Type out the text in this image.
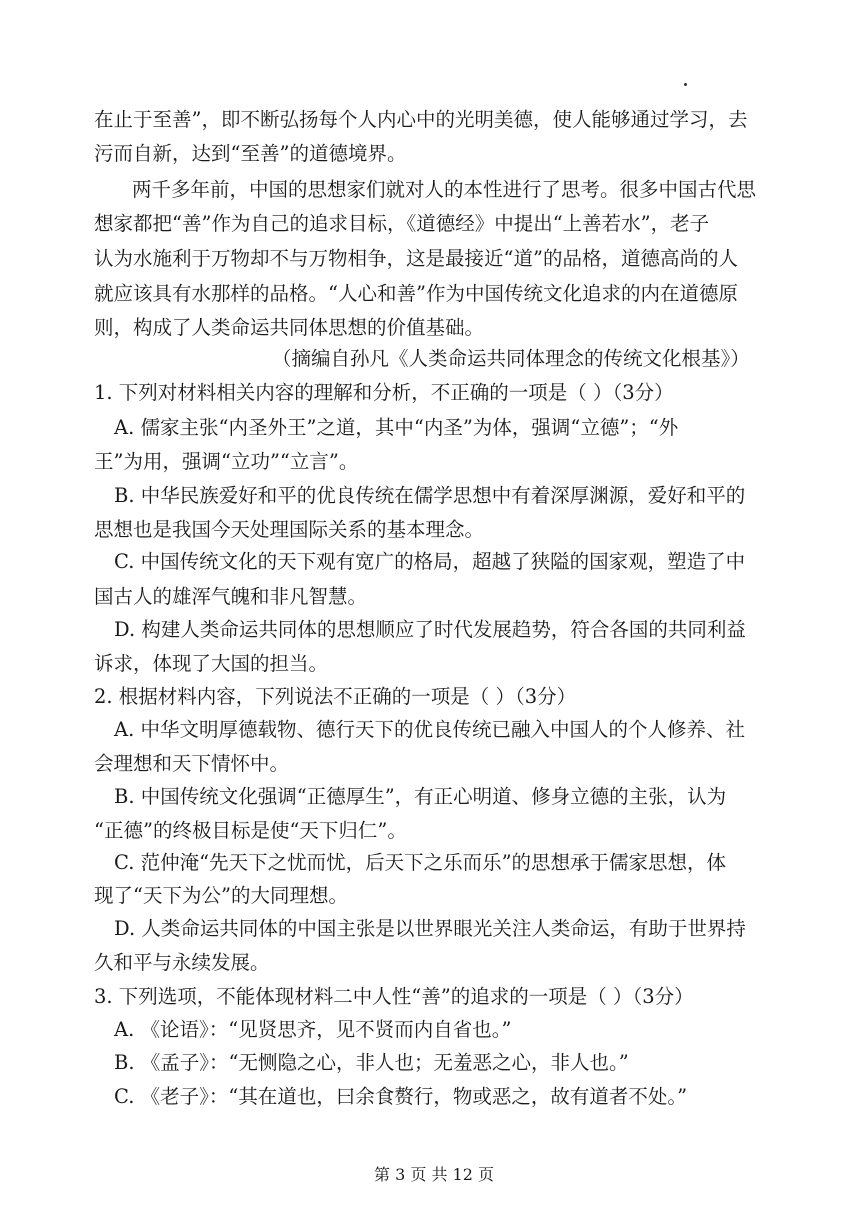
在止于至善”，即不断弘扬每个人内心中的光明美德，使人能够通过学习，去
污而自新，达到“至善”的道德境界。
两千多年前，中国的思想家们就对人的本性进行了思考。很多中国古代思
想家都把“善”作为自己的追求目标，《道德经》中提出“上善若水”，老子
认为水施利于万物却不与万物相争，这是最接近“道”的品格，道德高尚的人
就应该具有水那样的品格。“人心和善”作为中国传统文化追求的内在道德原
则，构成了人类命运共同体思想的价值基础。
（摘编自孙凡《人类命运共同体理念的传统文化根基》）
1. 下列对材料相关内容的理解和分析，不正确的一项是（ ）（3分）
A. 儒家主张“内圣外王”之道，其中“内圣”为体，强调“立德”；“外
王”为用，强调“立功”“立言”。
B. 中华民族爱好和平的优良传统在儒学思想中有着深厚渊源，爱好和平的
思想也是我国今天处理国际关系的基本理念。
C. 中国传统文化的天下观有宽广的格局，超越了狭隘的国家观，塑造了中
国古人的雄浑气魄和非凡智慧。
D. 构建人类命运共同体的思想顺应了时代发展趋势，符合各国的共同利益
诉求，体现了大国的担当。
2. 根据材料内容，下列说法不正确的一项是（ ）（3分）
A. 中华文明厚德载物、德行天下的优良传统已融入中国人的个人修养、社
会理想和天下情怀中。
B. 中国传统文化强调“正德厚生”，有正心明道、修身立德的主张，认为
“正德”的终极目标是使“天下归仁”。
C. 范仲淹“先天下之忧而忧，后天下之乐而乐”的思想承于儒家思想，体
现了“天下为公”的大同理想。
D. 人类命运共同体的中国主张是以世界眼光关注人类命运，有助于世界持
久和平与永续发展。
3. 下列选项，不能体现材料二中人性“善”的追求的一项是（ ）（3分）
A. 《论语》：“见贤思齐，见不贤而内自省也。”
B. 《孟子》：“无恻隐之心，非人也；无羞恶之心，非人也。”
C. 《老子》：“其在道也，曰余食赘行，物或恶之，故有道者不处。”
第 3 页 共 12 页
